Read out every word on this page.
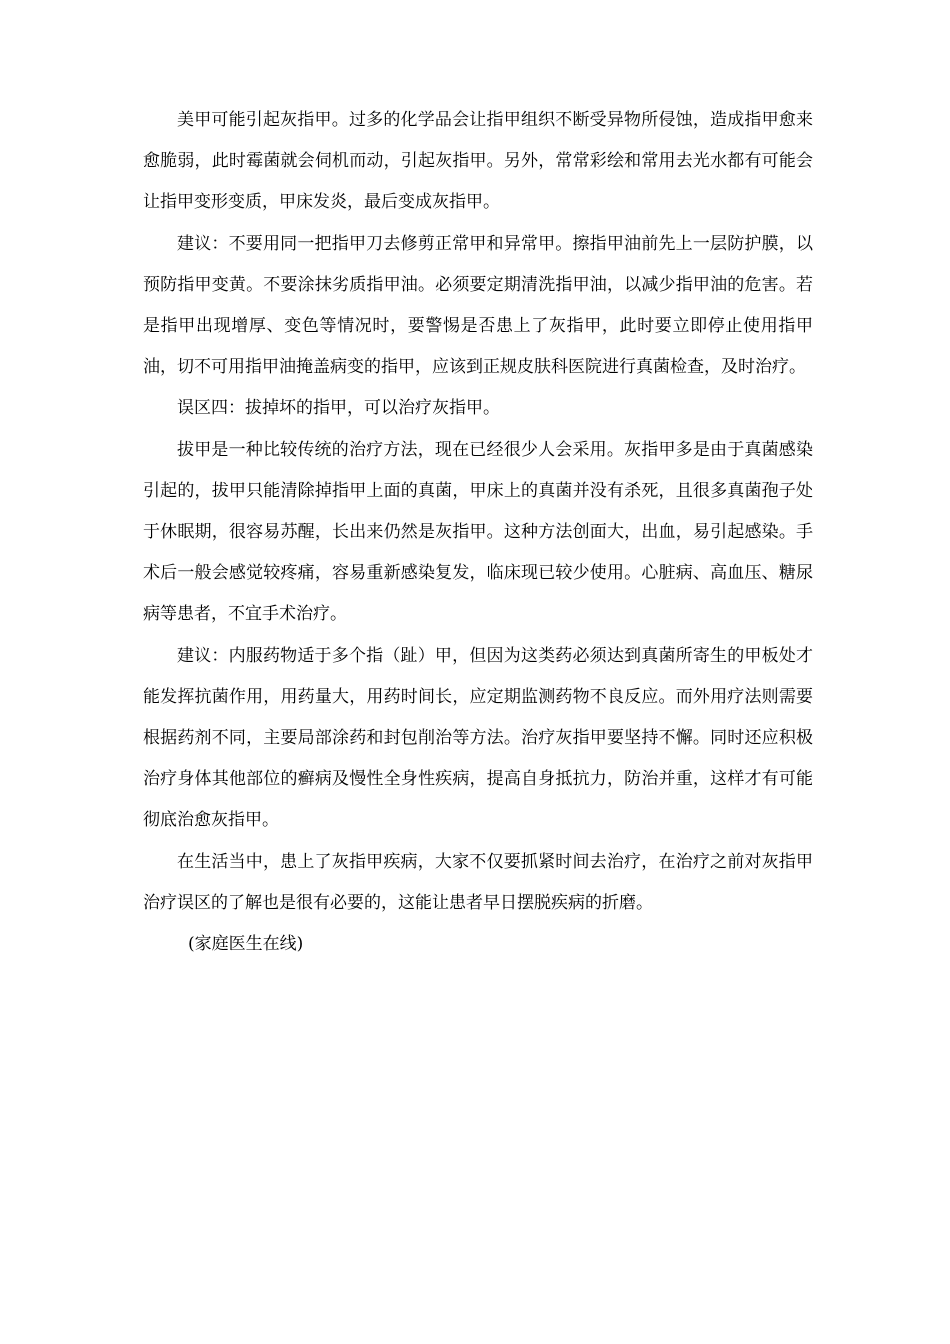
美甲可能引起灰指甲。过多的化学品会让指甲组织不断受异物所侵蚀，造成指甲愈来愈脆弱，此时霉菌就会伺机而动，引起灰指甲。另外，常常彩绘和常用去光水都有可能会让指甲变形变质，甲床发炎，最后变成灰指甲。

建议：不要用同一把指甲刀去修剪正常甲和异常甲。擦指甲油前先上一层防护膜，以预防指甲变黄。不要涂抹劣质指甲油。必须要定期清洗指甲油，以减少指甲油的危害。若是指甲出现增厚、变色等情况时，要警惕是否患上了灰指甲，此时要立即停止使用指甲油，切不可用指甲油掩盖病变的指甲，应该到正规皮肤科医院进行真菌检查，及时治疗。

误区四：拔掉坏的指甲，可以治疗灰指甲。

拔甲是一种比较传统的治疗方法，现在已经很少人会采用。灰指甲多是由于真菌感染引起的，拔甲只能清除掉指甲上面的真菌，甲床上的真菌并没有杀死，且很多真菌孢子处于休眠期，很容易苏醒，长出来仍然是灰指甲。这种方法创面大，出血，易引起感染。手术后一般会感觉较疼痛，容易重新感染复发，临床现已较少使用。心脏病、高血压、糖尿病等患者，不宜手术治疗。

建议：内服药物适于多个指（趾）甲，但因为这类药必须达到真菌所寄生的甲板处才能发挥抗菌作用，用药量大，用药时间长，应定期监测药物不良反应。而外用疗法则需要根据药剂不同，主要局部涂药和封包削治等方法。治疗灰指甲要坚持不懈。同时还应积极治疗身体其他部位的癣病及慢性全身性疾病，提高自身抵抗力，防治并重，这样才有可能彻底治愈灰指甲。

在生活当中，患上了灰指甲疾病，大家不仅要抓紧时间去治疗，在治疗之前对灰指甲治疗误区的了解也是很有必要的，这能让患者早日摆脱疾病的折磨。

(家庭医生在线)
